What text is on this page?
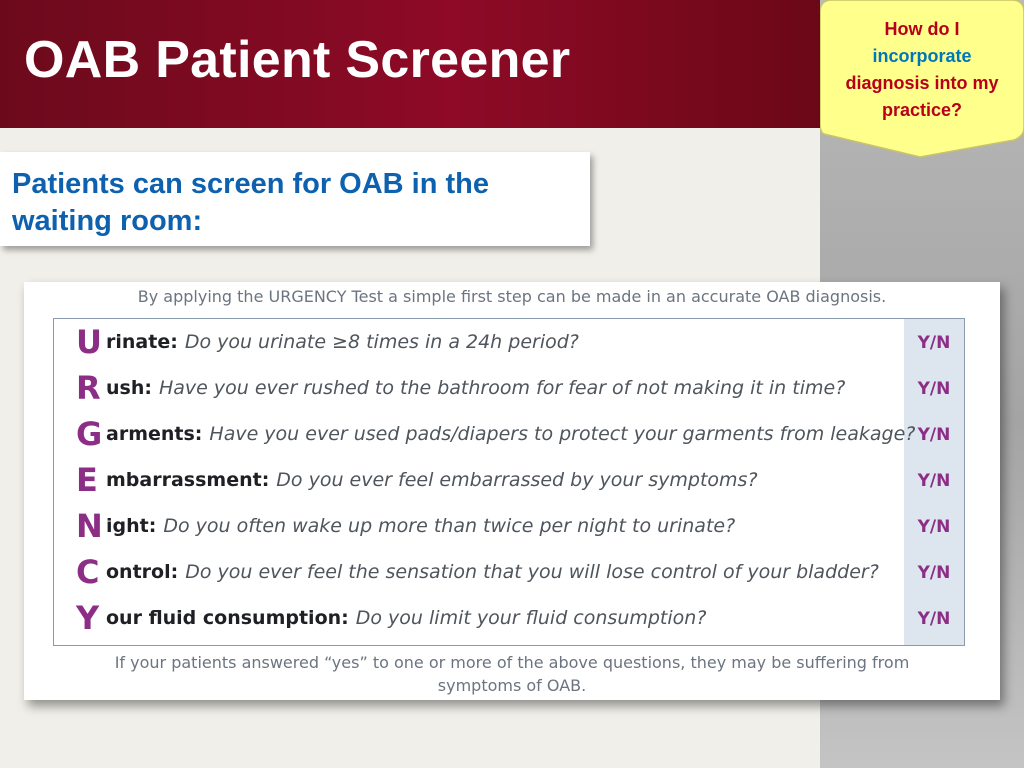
OAB Patient Screener
How do I
incorporate
diagnosis into my
practice?
Patients can screen for OAB in the waiting room:
By applying the URGENCY Test a simple first step can be made in an accurate OAB diagnosis.
U rinate: Do you urinate ≥8 times in a 24h period?	Y/N
R ush: Have you ever rushed to the bathroom for fear of not making it in time?	Y/N
G arments: Have you ever used pads/diapers to protect your garments from leakage? Y/N
E mbarrassment: Do you ever feel embarrassed by your symptoms?	Y/N
N ight: Do you often wake up more than twice per night to urinate?	Y/N
C ontrol: Do you ever feel the sensation that you will lose control of your bladder?	Y/N
Y our fluid consumption: Do you limit your fluid consumption?	Y/N
If your patients answered “yes” to one or more of the above questions, they may be suffering from symptoms of OAB.
